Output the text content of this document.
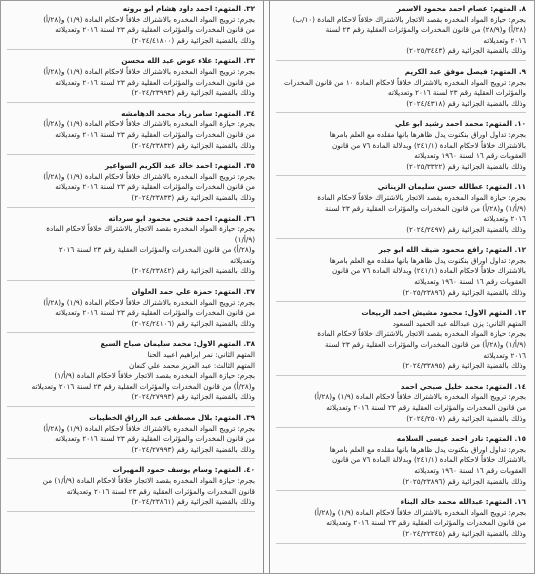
٨. المتهم: عصام احمد محمود الاسمر

بجرم: حيازة المواد المخدره بقصد الاتجار بالاشتراك خلافاً لاحكام المادة (١٠/ب)

(٢٨/أ) و(٢٨/٩) من قانون المخدرات والمؤثرات العقلية رقم ٢٣ لسنة

٢٠١٦ وتعديلاته

وذلك بالقضية الجزائية رقم (٢٠٢٥/٣٤٤٣)

٩. المتهم: فيصل موفق عبد الكريم

بجرم: ترويج المواد المخدره بالاشتراك خلافاً لاحكام المادة ١٠ من قانون المخدرات

والمؤثرات العقلية رقم ٢٣ لسنة ٢٠١٦ وتعديلاته

وذلك بالقضية الجزائية رقم (٢٠٢٤/٤٣١٨)

١٠. المتهم: محمد احمد رشيد ابو علي

بجرم: تداول اوراق بنكنوت يدل ظاهرها بانها مقلده مع العلم بامرها

بالاشتراك خلافاً لاحكام المادة (٢٤١/١) وبدلالة المادة ٧٦ من قانون

العقوبات رقم ١٦ لسنة ١٩٦٠ وتعديلاته

وذلك بالقضية الجزائية رقم (٢٠٢٥/٣٣٢٢)

١١. المتهم: عطالله حسن سليمان الزيناتي

بجرم: حيازة المواد المخدره بقصد الاتجار بالاشتراك خلافاً لاحكام المادة

(٩/أ/١) و(٢٨/أ) من قانون المخدرات والمؤثرات العقلية رقم ٢٣ لسنة

٢٠١٦ وتعديلاته

وذلك بالقضية الجزائية رقم (٢٠٢٤/٢٤٩٧)

١٢. المتهم: رافع محمود ضيف الله ابو جبر

بجرم: تداول اوراق بنكنوت يدل ظاهرها بانها مقلده مع العلم بامرها

بالاشتراك خلافاً لاحكام المادة (٢٤١/١) وبدلالة المادة ٧٦ من قانون

العقوبات رقم ١٦ لسنة ١٩٦٠ وتعديلاته

وذلك بالقضية الجزائية رقم (٢٠٢٥/٢٣٨٩٦)

١٣. المتهم الاول: محمود مشيش احمد الربيعات

المتهم الثاني: يزن عبدالله عبد الحميد السعود

بجرم: حيازة المواد المخدره بقصد الاتجار بالاشتراك خلافاً لاحكام المادة

(٩/أ/١) و(٢٨/أ) من قانون المخدرات والمؤثرات العقلية رقم ٢٣ لسنة

٢٠١٦ وتعديلاته

وذلك بالقضية الجزائية رقم (٢٠٢٤/٣٣٨٩٥)

١٤. المتهم: محمد خليل صبحي احمد

بجرم: ترويج المواد المخدره بالاشتراك خلافاً لاحكام المادة (١/٩) و(٢٨/أ)

من قانون المخدرات والمؤثرات العقلية رقم ٢٣ لسنة ٢٠١٦ وتعديلاته

وذلك بالقضية الجزائية رقم (٢٠٢٤/٢٥٠٧)

١٥. المتهم: نادر احمد عيسى السلامه

بجرم: تداول اوراق بنكنوت يدل ظاهرها بانها مقلده مع العلم بامرها

بالاشتراك خلافاً لاحكام المادة (٢٤١/١) وبدلالة المادة ٧٦ من قانون

العقوبات رقم ١٦ لسنة ١٩٦٠ وتعديلاته

وذلك بالقضية الجزائية رقم (٢٠٢٥/٢٣٨٩٦)

١٦. المتهم: عبدالله محمد خالد البناء

بجرم: ترويج المواد المخدره بالاشتراك خلافاً لاحكام المادة (١/٩) و(٢٨/أ)

من قانون المخدرات والمؤثرات العقلية رقم ٢٣ لسنة ٢٠١٦ وتعديلاته

وذلك بالقضية الجزائية رقم (٢٠٢٤/٢٢٣٤٥)

٣٢. المتهم: احمد داود هشام ابو بروته

بجرم: ترويج المواد المخدره بالاشتراك خلافاً لاحكام المادة (١/٩) و(٢٨/أ)

من قانون المخدرات والمؤثرات العقلية رقم ٢٣ لسنة ٢٠١٦ وتعديلاته

وذلك بالقضية الجزائية رقم (٢٠٢٤/٤١٨٠٠)

٣٣. المتهم: علاء عوض عبد الله محسن

بجرم: ترويج المواد المخدره بالاشتراك خلافاً لاحكام المادة (١/٩) و(٢٨/أ)

من قانون المخدرات والمؤثرات العقلية رقم ٢٣ لسنة ٢٠١٦ وتعديلاته

وذلك بالقضية الجزائية رقم (٢٠٢٤/٢٣٩٩٣)

٣٤. المتهم: سامر زياد محمد الدهامشه

بجرم: حيازة المواد المخدره بالاشتراك خلافاً لاحكام المادة (١/٩) و(٢٨/أ)

من قانون المخدرات والمؤثرات العقلية رقم ٢٣ لسنة ٢٠١٦ وتعديلاته

وذلك بالقضية الجزائية رقم (٢٠٢٤/٢٣٨٣٢)

٣٥. المتهم: احمد خالد عبد الكريم السواعير

بجرم: ترويج المواد المخدره بالاشتراك خلافاً لاحكام المادة (١/٩) و(٢٨/أ)

من قانون المخدرات والمؤثرات العقلية رقم ٢٣ لسنة ٢٠١٦ وتعديلاته

وذلك بالقضية الجزائية رقم (٢٠٢٤/٢٣٨٣٣)

٣٦. المتهم: احمد فتحي محمود ابو سرداته

بجرم: حيازة المواد المخدره بقصد الاتجار بالاشتراك خلافاً لاحكام المادة

(٩/أ/١)

و(٢٨/أ) من قانون المخدرات والمؤثرات العقلية رقم ٢٣ لسنة ٢٠١٦

وتعديلاته

وذلك بالقضية الجزائية رقم (٢٠٢٤/٢٣٨٤٢)

٣٧. المتهم: حمزة علي حمد العلوان

بجرم: ترويج المواد المخدره بالاشتراك خلافاً لاحكام المادة (١/٩) و(٢٨/أ)

من قانون المخدرات والمؤثرات العقلية رقم ٢٣ لسنة ٢٠١٦ وتعديلاته

وذلك بالقضية الجزائية رقم (٢٠٢٤/٢٤١٠٦)

٣٨. المتهم الاول: محمد سليمان صباح السبع

المتهم الثاني: نمر ابراهيم اعبيد الحنا

المتهم الثالث: عبد العزيز محمد علي كنعان

بجرم: حيازة المواد المخدره بقصد الاتجار خلافاً لاحكام المادة (٩/أ/١)

و(٢٨/أ) من قانون المخدرات والمؤثرات العقلية رقم ٢٣ لسنة ٢٠١٦ وتعديلاته

وذلك بالقضية الجزائية رقم (٢٠٢٤/٢٧٩٩٣)

٣٩. المتهم: بلال مصطفى عبد الرزاق الخطيبات

بجرم: ترويج المواد المخدره بالاشتراك خلافاً لاحكام المادة (١/٩) و(٢٨/أ)

من قانون المخدرات والمؤثرات العقلية رقم ٢٣ لسنة ٢٠١٦ وتعديلاته

وذلك بالقضية الجزائية رقم (٢٠٢٤/٢٧٩٩٣)

٤٠. المتهم: وسام يوسف حمود المهيرات

بجرم: حيازة المواد المخدره بقصد الاتجار خلافاً لاحكام المادة (٩/أ/١) من

قانون المخدرات والمؤثرات العقلية رقم ٢٣ لسنة ٢٠١٦ وتعديلاته

وذلك بالقضية الجزائية رقم (٢٠٢٤/٢٣٨٦١)
